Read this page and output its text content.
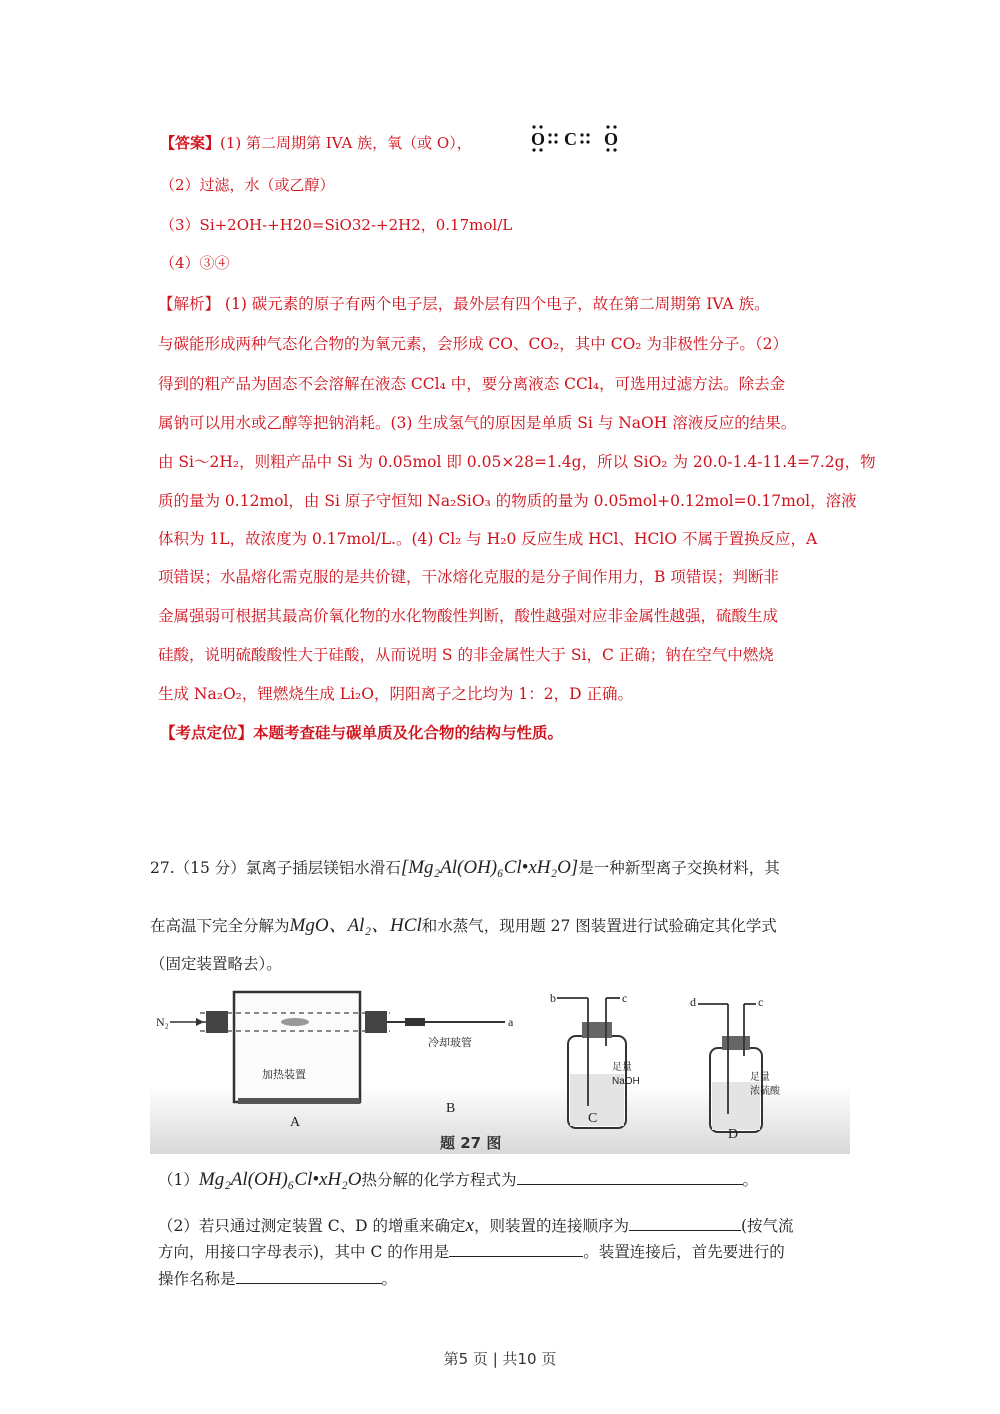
【答案】(1) 第二周期第 IVA 族，氧（或 O），	O C O
（2）过滤，水（或乙醇）
（3）Si+2OH-+H20=SiO32-+2H2，0.17mol/L
（4）③④
【解析】 (1) 碳元素的原子有两个电子层，最外层有四个电子，故在第二周期第 IVA 族。
与碳能形成两种气态化合物的为氧元素，会形成 CO、CO₂，其中 CO₂ 为非极性分子。（2）
得到的粗产品为固态不会溶解在液态 CCl₄ 中，要分离液态 CCl₄，可选用过滤方法。除去金
属钠可以用水或乙醇等把钠消耗。(3) 生成氢气的原因是单质 Si 与 NaOH 溶液反应的结果。
由 Si～2H₂，则粗产品中 Si 为 0.05mol 即 0.05×28=1.4g，所以 SiO₂ 为 20.0-1.4-11.4=7.2g，物
质的量为 0.12mol，由 Si 原子守恒知 Na₂SiO₃ 的物质的量为 0.05mol+0.12mol=0.17mol，溶液
体积为 1L，故浓度为 0.17mol/L.。(4) Cl₂ 与 H₂0 反应生成 HCl、HClO 不属于置换反应，A
项错误；水晶熔化需克服的是共价键，干冰熔化克服的是分子间作用力，B 项错误；判断非
金属强弱可根据其最高价氧化物的水化物酸性判断，酸性越强对应非金属性越强，硫酸生成
硅酸，说明硫酸酸性大于硅酸，从而说明 S 的非金属性大于 Si，C 正确；钠在空气中燃烧
生成 Na₂O₂，锂燃烧生成 Li₂O，阴阳离子之比均为 1：2，D 正确。
【考点定位】本题考查硅与碳单质及化合物的结构与性质。
27.（15 分）氯离子插层镁铝水滑石[Mg₂Al(OH)₆Cl•xH₂O]是一种新型离子交换材料，其
在高温下完全分解为MgO、Al₂、HCl和水蒸气，现用题 27 图装置进行试验确定其化学式
（固定装置略去）。
N₂
加热装置
A
冷却玻管
a
B
b	c
足量
NaOH
C
d	c
足量
浓硫酸
D
题 27 图
（1）Mg₂Al(OH)₆Cl•xH₂O热分解的化学方程式为	。
（2）若只通过测定装置 C、D 的增重来确定x，则装置的连接顺序为	(按气流
方向，用接口字母表示)，其中 C 的作用是	。装置连接后，首先要进行的
操作名称是	。
第5 页 | 共10 页
